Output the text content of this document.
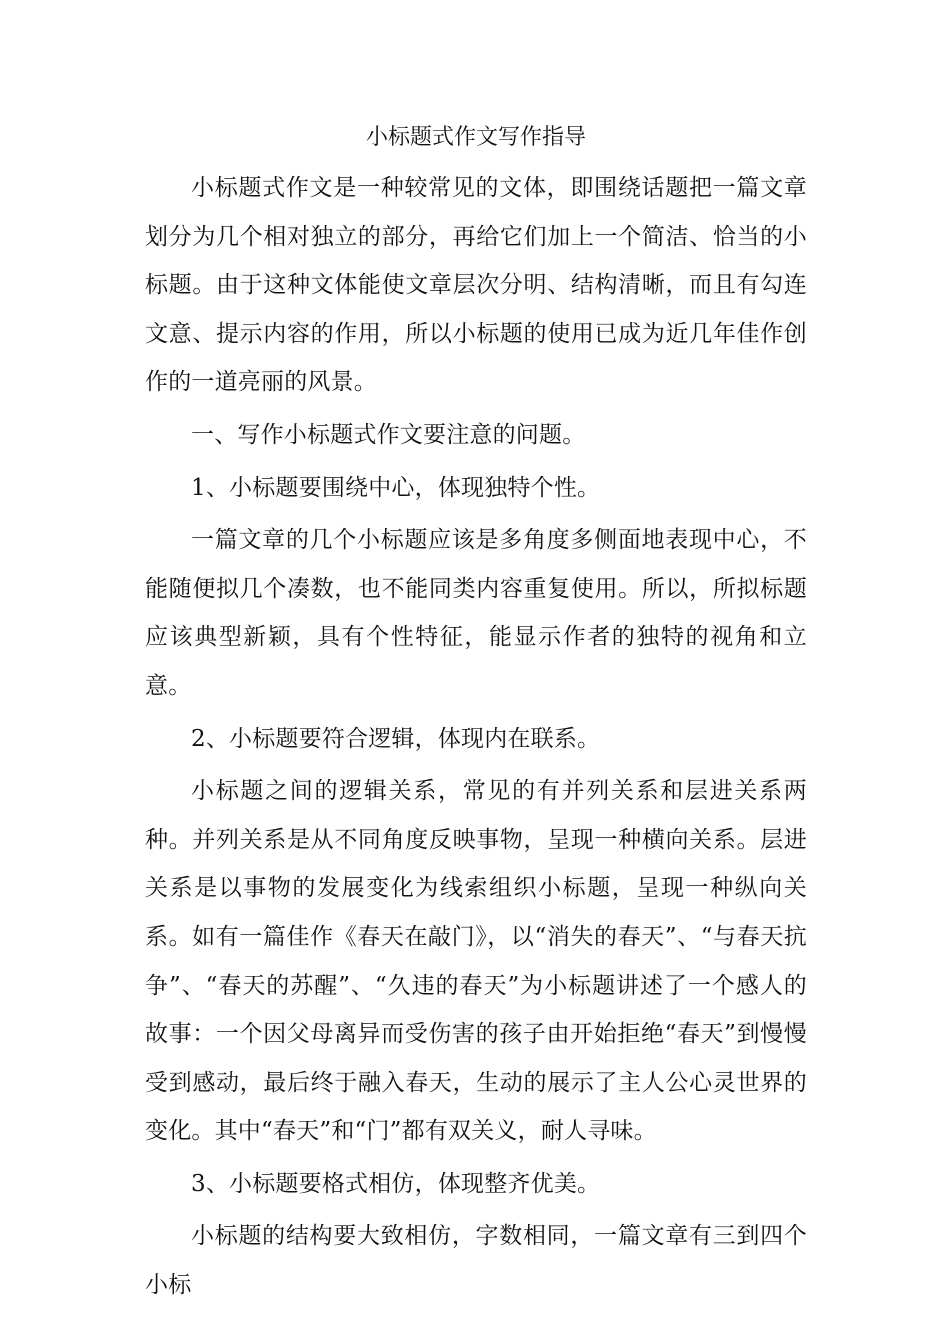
小标题式作文写作指导

小标题式作文是一种较常见的文体，即围绕话题把一篇文章划分为几个相对独立的部分，再给它们加上一个简洁、恰当的小标题。由于这种文体能使文章层次分明、结构清晰，而且有勾连文意、提示内容的作用，所以小标题的使用已成为近几年佳作创作的一道亮丽的风景。

一、写作小标题式作文要注意的问题。

1、小标题要围绕中心，体现独特个性。

一篇文章的几个小标题应该是多角度多侧面地表现中心，不能随便拟几个凑数，也不能同类内容重复使用。所以，所拟标题应该典型新颖，具有个性特征，能显示作者的独特的视角和立意。

2、小标题要符合逻辑，体现内在联系。

小标题之间的逻辑关系，常见的有并列关系和层进关系两种。并列关系是从不同角度反映事物，呈现一种横向关系。层进关系是以事物的发展变化为线索组织小标题，呈现一种纵向关系。如有一篇佳作《春天在敲门》，以“消失的春天”、“与春天抗争”、“春天的苏醒”、“久违的春天”为小标题讲述了一个感人的故事：一个因父母离异而受伤害的孩子由开始拒绝“春天”到慢慢受到感动，最后终于融入春天，生动的展示了主人公心灵世界的变化。其中“春天”和“门”都有双关义，耐人寻味。

3、小标题要格式相仿，体现整齐优美。

小标题的结构要大致相仿，字数相同，一篇文章有三到四个小标
